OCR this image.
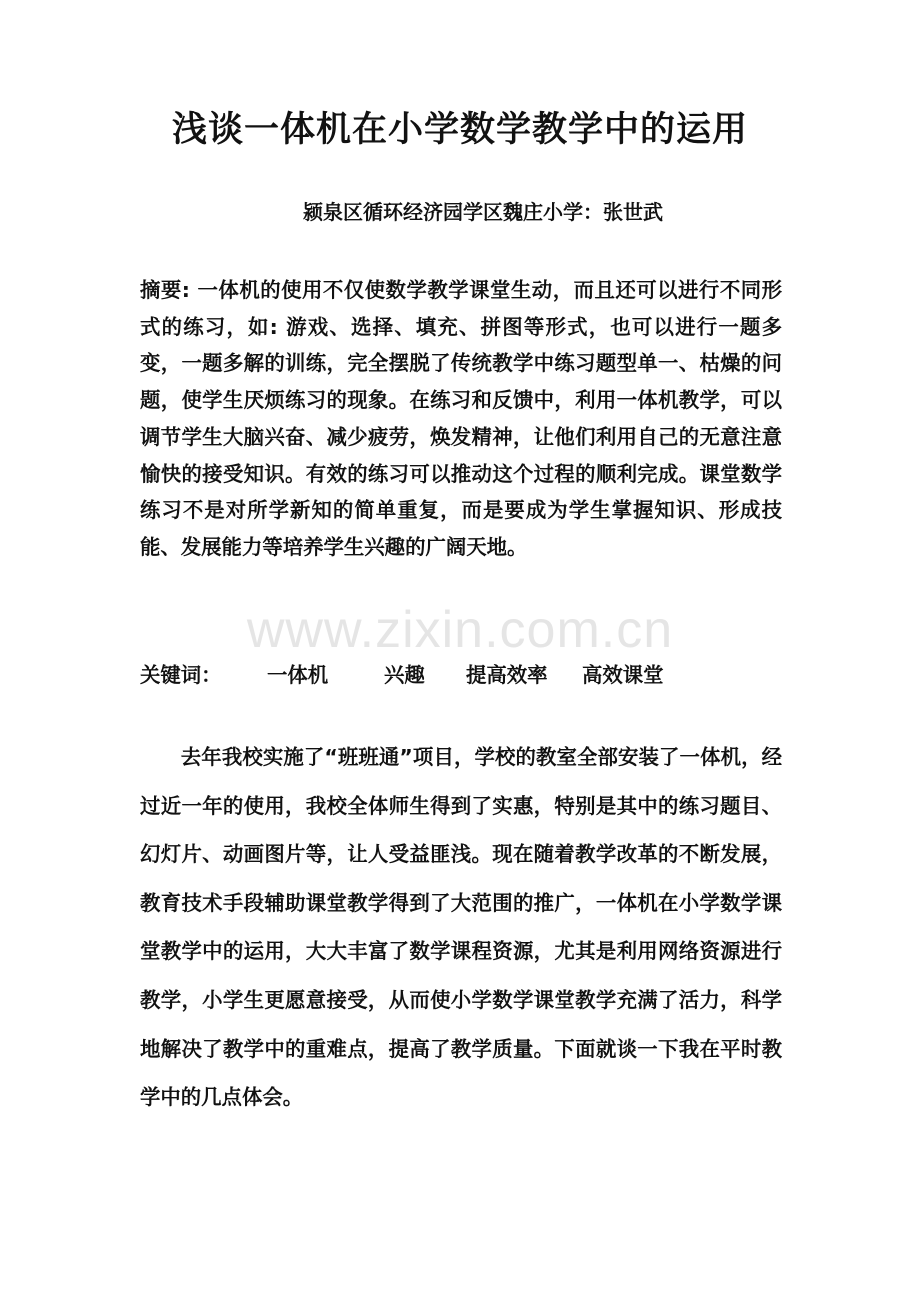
浅谈一体机在小学数学教学中的运用
颍泉区循环经济园学区魏庄小学：张世武
摘要: 一体机的使用不仅使数学教学课堂生动，而且还可以进行不同形式的练习，如: 游戏、选择、填充、拼图等形式，也可以进行一题多变，一题多解的训练，完全摆脱了传统教学中练习题型单一、枯燥的问题，使学生厌烦练习的现象。在练习和反馈中，利用一体机教学，可以调节学生大脑兴奋、减少疲劳，焕发精神，让他们利用自己的无意注意愉快的接受知识。有效的练习可以推动这个过程的顺利完成。课堂数学练习不是对所学新知的简单重复，而是要成为学生掌握知识、形成技能、发展能力等培养学生兴趣的广阔天地。
www.zixin.com.cn
关键词： 一体机	兴趣 提高效率 高效课堂
去年我校实施了“班班通”项目，学校的教室全部安装了一体机，经过近一年的使用，我校全体师生得到了实惠，特别是其中的练习题目、幻灯片、动画图片等，让人受益匪浅。现在随着教学改革的不断发展，教育技术手段辅助课堂教学得到了大范围的推广，一体机在小学数学课堂教学中的运用，大大丰富了数学课程资源，尤其是利用网络资源进行教学，小学生更愿意接受，从而使小学数学课堂教学充满了活力，科学地解决了教学中的重难点，提高了教学质量。下面就谈一下我在平时教学中的几点体会。
